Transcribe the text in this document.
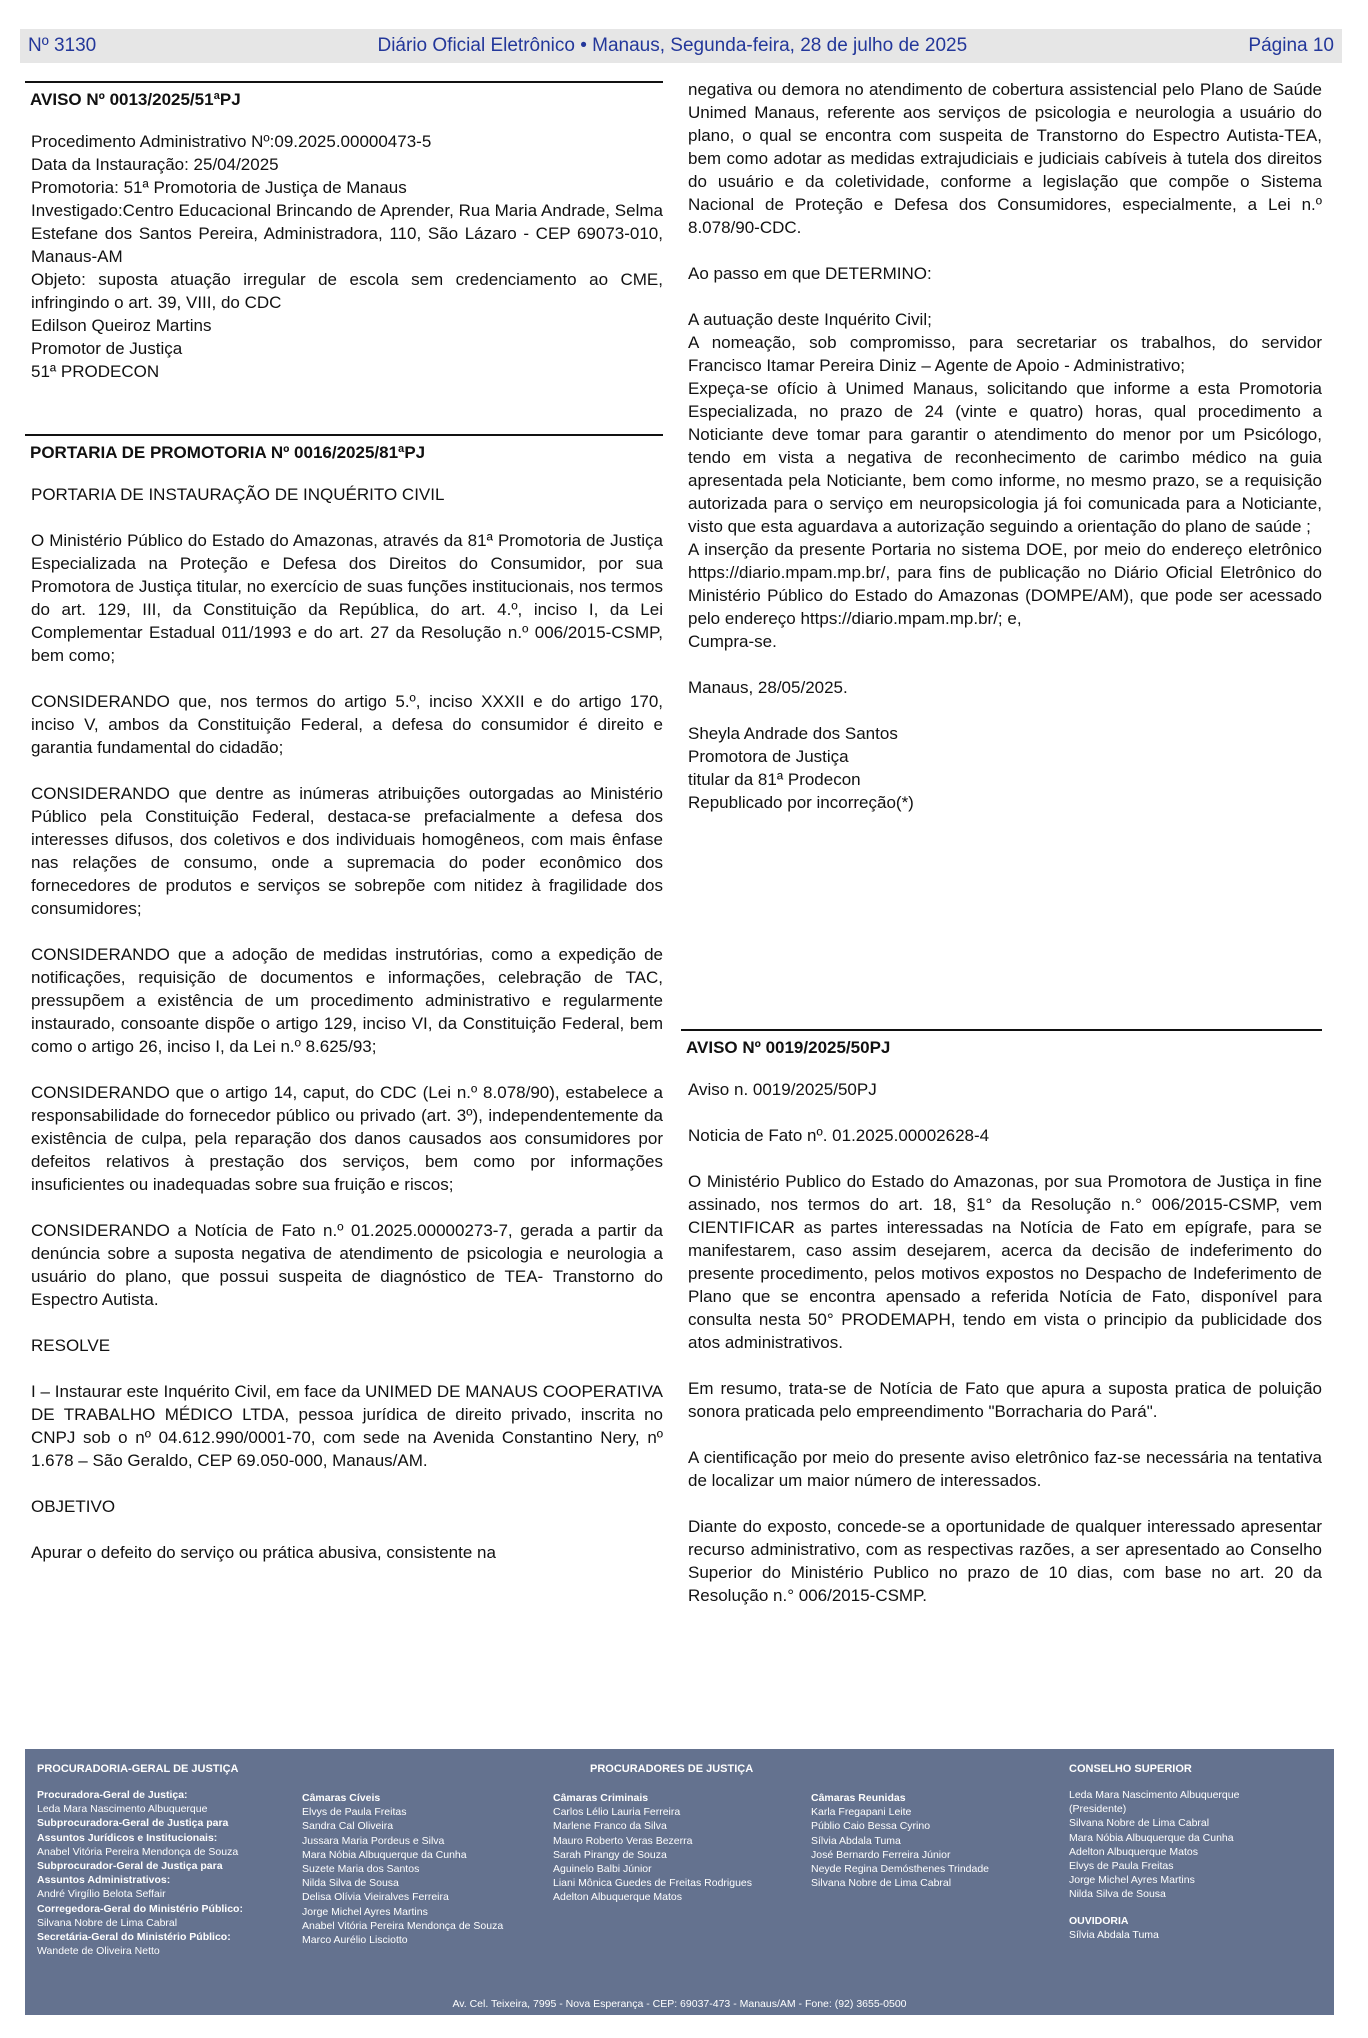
Nº 3130	Diário Oficial Eletrônico • Manaus, Segunda-feira, 28 de julho de 2025	Página 10
AVISO Nº 0013/2025/51ªPJ

Procedimento Administrativo Nº:09.2025.00000473-5

Data da Instauração: 25/04/2025

Promotoria: 51ª Promotoria de Justiça de Manaus

Investigado:Centro Educacional Brincando de Aprender, Rua Maria Andrade, Selma Estefane dos Santos Pereira, Administradora, 110, São Lázaro - CEP 69073-010, Manaus-AM

Objeto: suposta atuação irregular de escola sem credenciamento ao CME, infringindo o art. 39, VIII, do CDC

Edilson Queiroz Martins

Promotor de Justiça

51ª PRODECON

PORTARIA DE PROMOTORIA Nº 0016/2025/81ªPJ

PORTARIA DE INSTAURAÇÃO DE INQUÉRITO CIVIL

O Ministério Público do Estado do Amazonas, através da 81ª Promotoria de Justiça Especializada na Proteção e Defesa dos Direitos do Consumidor, por sua Promotora de Justiça titular, no exercício de suas funções institucionais, nos termos do art. 129, III, da Constituição da República, do art. 4.º, inciso I, da Lei Complementar Estadual 011/1993 e do art. 27 da Resolução n.º 006/2015-CSMP, bem como;

CONSIDERANDO que, nos termos do artigo 5.º, inciso XXXII e do artigo 170, inciso V, ambos da Constituição Federal, a defesa do consumidor é direito e garantia fundamental do cidadão;

CONSIDERANDO que dentre as inúmeras atribuições outorgadas ao Ministério Público pela Constituição Federal, destaca-se prefacialmente a defesa dos interesses difusos, dos coletivos e dos individuais homogêneos, com mais ênfase nas relações de consumo, onde a supremacia do poder econômico dos fornecedores de produtos e serviços se sobrepõe com nitidez à fragilidade dos consumidores;

CONSIDERANDO que a adoção de medidas instrutórias, como a expedição de notificações, requisição de documentos e informações, celebração de TAC, pressupõem a existência de um procedimento administrativo e regularmente instaurado, consoante dispõe o artigo 129, inciso VI, da Constituição Federal, bem como o artigo 26, inciso I, da Lei n.º 8.625/93;

CONSIDERANDO que o artigo 14, caput, do CDC (Lei n.º 8.078/90), estabelece a responsabilidade do fornecedor público ou privado (art. 3º), independentemente da existência de culpa, pela reparação dos danos causados aos consumidores por defeitos relativos à prestação dos serviços, bem como por informações insuficientes ou inadequadas sobre sua fruição e riscos;

CONSIDERANDO a Notícia de Fato n.º 01.2025.00000273-7, gerada a partir da denúncia sobre a suposta negativa de atendimento de psicologia e neurologia a usuário do plano, que possui suspeita de diagnóstico de TEA- Transtorno do Espectro Autista.

RESOLVE

I – Instaurar este Inquérito Civil, em face da UNIMED DE MANAUS COOPERATIVA DE TRABALHO MÉDICO LTDA, pessoa jurídica de direito privado, inscrita no CNPJ sob o nº 04.612.990/0001-70, com sede na Avenida Constantino Nery, nº 1.678 – São Geraldo, CEP 69.050-000, Manaus/AM.

OBJETIVO

Apurar o defeito do serviço ou prática abusiva, consistente na

negativa ou demora no atendimento de cobertura assistencial pelo Plano de Saúde Unimed Manaus, referente aos serviços de psicologia e neurologia a usuário do plano, o qual se encontra com suspeita de Transtorno do Espectro Autista-TEA, bem como adotar as medidas extrajudiciais e judiciais cabíveis à tutela dos direitos do usuário e da coletividade, conforme a legislação que compõe o Sistema Nacional de Proteção e Defesa dos Consumidores, especialmente, a Lei n.º 8.078/90-CDC.

Ao passo em que DETERMINO:

A autuação deste Inquérito Civil;

A nomeação, sob compromisso, para secretariar os trabalhos, do servidor Francisco Itamar Pereira Diniz – Agente de Apoio - Administrativo;

Expeça-se ofício à Unimed Manaus, solicitando que informe a esta Promotoria Especializada, no prazo de 24 (vinte e quatro) horas, qual procedimento a Noticiante deve tomar para garantir o atendimento do menor por um Psicólogo, tendo em vista a negativa de reconhecimento de carimbo médico na guia apresentada pela Noticiante, bem como informe, no mesmo prazo, se a requisição autorizada para o serviço em neuropsicologia já foi comunicada para a Noticiante, visto que esta aguardava a autorização seguindo a orientação do plano de saúde ;

A inserção da presente Portaria no sistema DOE, por meio do endereço eletrônico https://diario.mpam.mp.br/, para fins de publicação no Diário Oficial Eletrônico do Ministério Público do Estado do Amazonas (DOMPE/AM), que pode ser acessado pelo endereço https://diario.mpam.mp.br/; e,

Cumpra-se.

Manaus, 28/05/2025.

Sheyla Andrade dos Santos

Promotora de Justiça

titular da 81ª Prodecon

Republicado por incorreção(*)

AVISO Nº 0019/2025/50PJ

Aviso n. 0019/2025/50PJ

Noticia de Fato nº. 01.2025.00002628-4

O Ministério Publico do Estado do Amazonas, por sua Promotora de Justiça in fine assinado, nos termos do art. 18, §1° da Resolução n.° 006/2015-CSMP, vem CIENTIFICAR as partes interessadas na Notícia de Fato em epígrafe, para se manifestarem, caso assim desejarem, acerca da decisão de indeferimento do presente procedimento, pelos motivos expostos no Despacho de Indeferimento de Plano que se encontra apensado a referida Notícia de Fato, disponível para consulta nesta 50° PRODEMAPH, tendo em vista o principio da publicidade dos atos administrativos.

Em resumo, trata-se de Notícia de Fato que apura a suposta pratica de poluição sonora praticada pelo empreendimento "Borracharia do Pará".

A cientificação por meio do presente aviso eletrônico faz-se necessária na tentativa de localizar um maior número de interessados.

Diante do exposto, concede-se a oportunidade de qualquer interessado apresentar recurso administrativo, com as respectivas razões, a ser apresentado ao Conselho Superior do Ministério Publico no prazo de 10 dias, com base no art. 20 da Resolução n.° 006/2015-CSMP.

PROCURADORIA-GERAL DE JUSTIÇA	PROCURADORES DE JUSTIÇA	CONSELHO SUPERIOR
Procuradora-Geral de Justiça:
Leda Mara Nascimento Albuquerque
Subprocuradora-Geral de Justiça para
Assuntos Jurídicos e Institucionais:
Anabel Vitória Pereira Mendonça de Souza
Subprocurador-Geral de Justiça para
Assuntos Administrativos:
André Virgílio Belota Seffair
Corregedora-Geral do Ministério Público:
Silvana Nobre de Lima Cabral
Secretária-Geral do Ministério Público:
Wandete de Oliveira Netto
Câmaras Cíveis
Elvys de Paula Freitas
Sandra Cal Oliveira
Jussara Maria Pordeus e Silva
Mara Nóbia Albuquerque da Cunha
Suzete Maria dos Santos
Nilda Silva de Sousa
Delisa Olívia Vieiralves Ferreira
Jorge Michel Ayres Martins
Anabel Vitória Pereira Mendonça de Souza
Marco Aurélio Lisciotto
Câmaras Criminais
Carlos Lélio Lauria Ferreira
Marlene Franco da Silva
Mauro Roberto Veras Bezerra
Sarah Pirangy de Souza
Aguinelo Balbi Júnior
Liani Mônica Guedes de Freitas Rodrigues
Adelton Albuquerque Matos
Câmaras Reunidas
Karla Fregapani Leite
Públio Caio Bessa Cyrino
Sílvia Abdala Tuma
José Bernardo Ferreira Júnior
Neyde Regina Demósthenes Trindade
Silvana Nobre de Lima Cabral
Leda Mara Nascimento Albuquerque
(Presidente)
Silvana Nobre de Lima Cabral
Mara Nóbia Albuquerque da Cunha
Adelton Albuquerque Matos
Elvys de Paula Freitas
Jorge Michel Ayres Martins
Nilda Silva de Sousa
OUVIDORIA
Sílvia Abdala Tuma
Av. Cel. Teixeira, 7995 - Nova Esperança - CEP: 69037-473 - Manaus/AM - Fone: (92) 3655-0500
